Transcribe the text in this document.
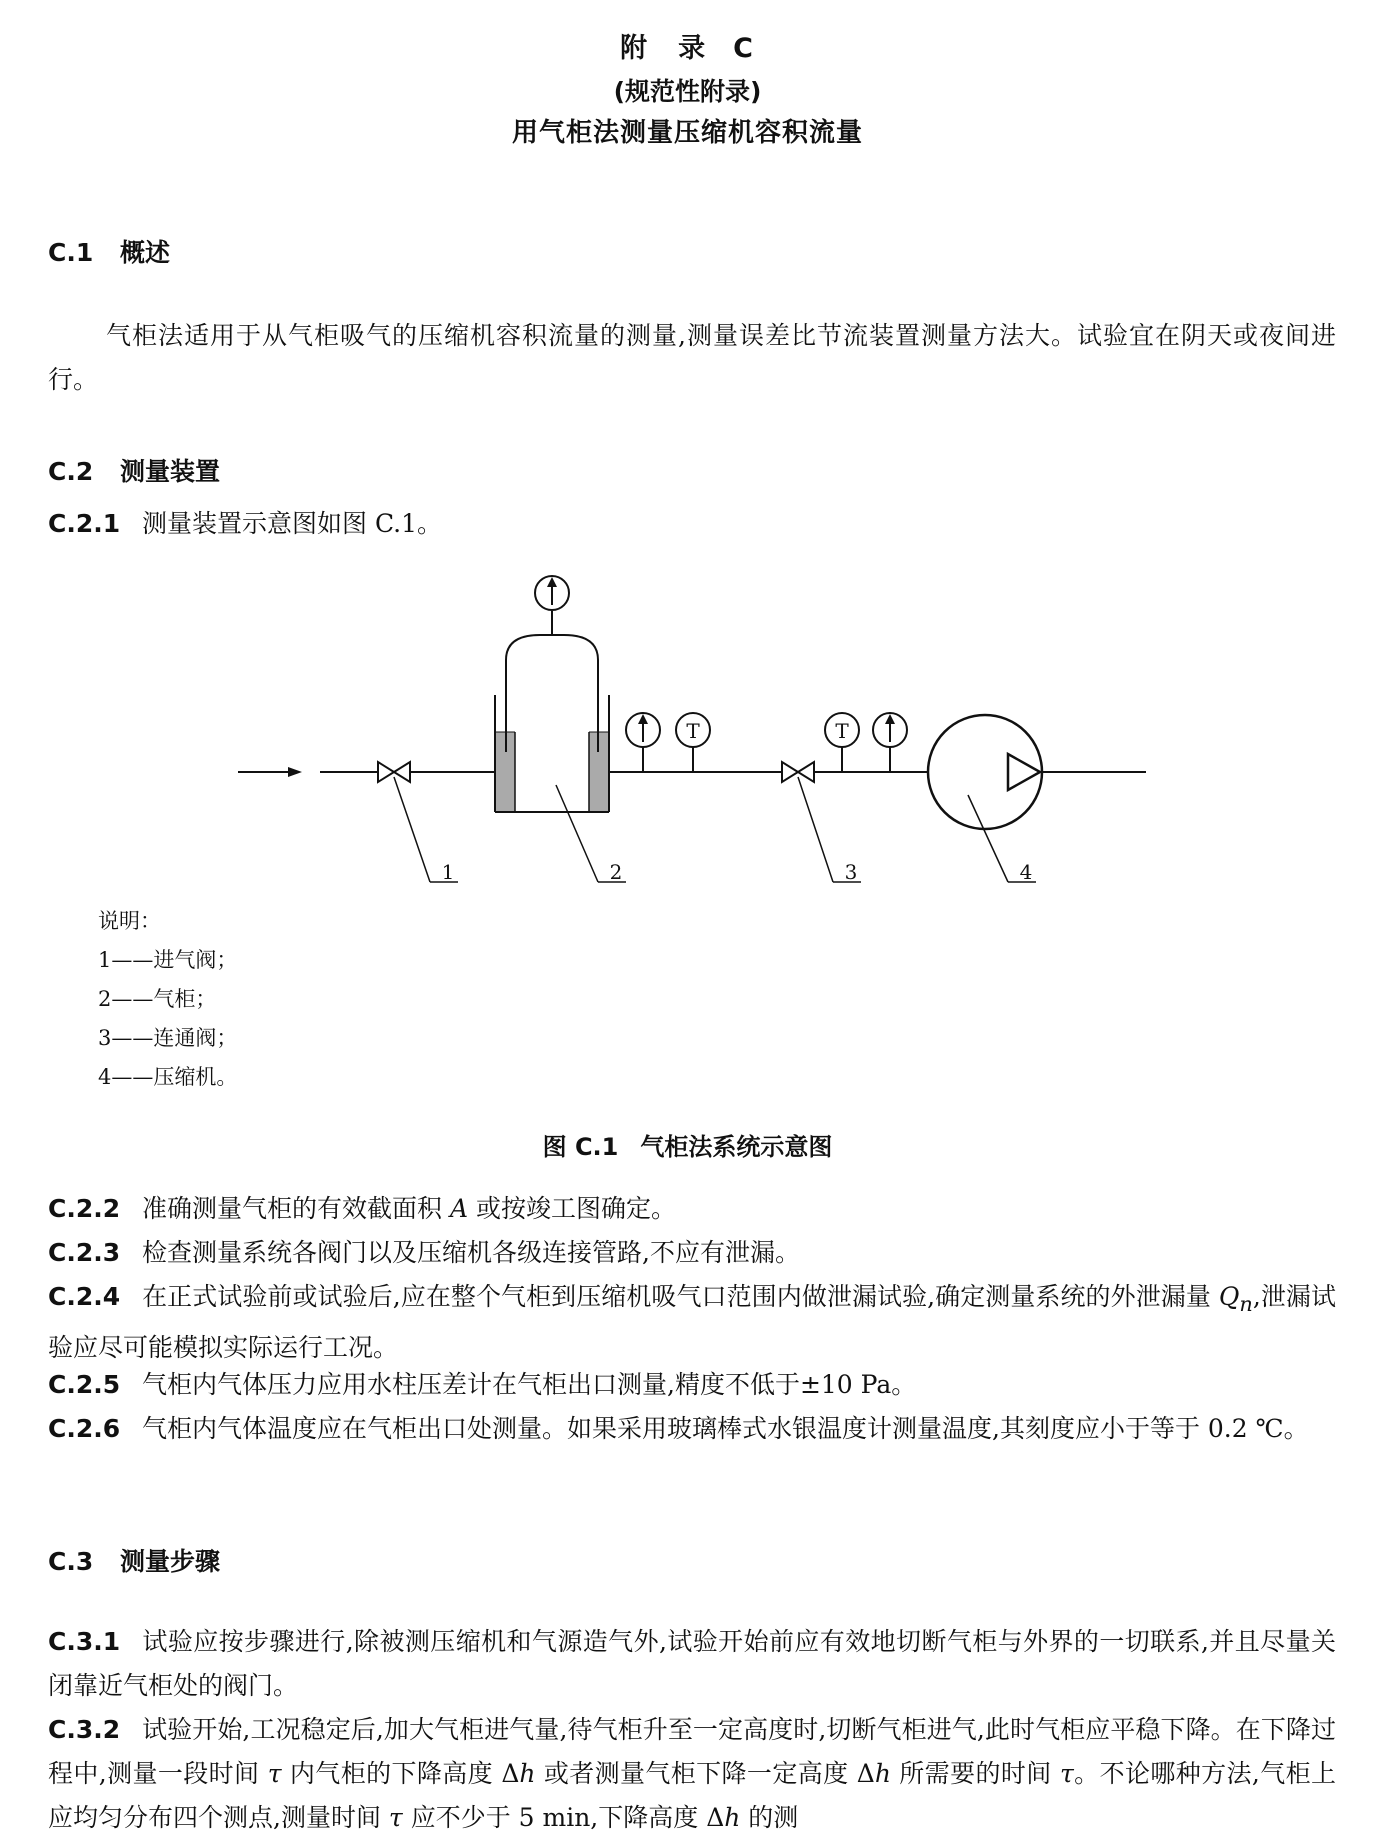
附　录 C
(规范性附录)
用气柜法测量压缩机容积流量
C.1 概述
气柜法适用于从气柜吸气的压缩机容积流量的测量,测量误差比节流装置测量方法大。试验宜在阴天或夜间进行。
C.2 测量装置
C.2.1 测量装置示意图如图 C.1。
T	T
1	2	3	4
说明：
1——进气阀；
2——气柜；
3——连通阀；
4——压缩机。
图 C.1 气柜法系统示意图
C.2.2 准确测量气柜的有效截面积 A 或按竣工图确定。
C.2.3 检查测量系统各阀门以及压缩机各级连接管路,不应有泄漏。
C.2.4 在正式试验前或试验后,应在整个气柜到压缩机吸气口范围内做泄漏试验,确定测量系统的外泄漏量 $Q_n$,泄漏试验应尽可能模拟实际运行工况。
C.2.5 气柜内气体压力应用水柱压差计在气柜出口测量,精度不低于±10 Pa。
C.2.6 气柜内气体温度应在气柜出口处测量。如果采用玻璃棒式水银温度计测量温度,其刻度应小于等于 0.2 ℃。
C.3 测量步骤
C.3.1 试验应按步骤进行,除被测压缩机和气源造气外,试验开始前应有效地切断气柜与外界的一切联系,并且尽量关闭靠近气柜处的阀门。
C.3.2 试验开始,工况稳定后,加大气柜进气量,待气柜升至一定高度时,切断气柜进气,此时气柜应平稳下降。在下降过程中,测量一段时间 τ 内气柜的下降高度 Δh 或者测量气柜下降一定高度 Δh 所需要的时间 τ。不论哪种方法,气柜上应均匀分布四个测点,测量时间 τ 应不少于 5 min,下降高度 Δh 的测
